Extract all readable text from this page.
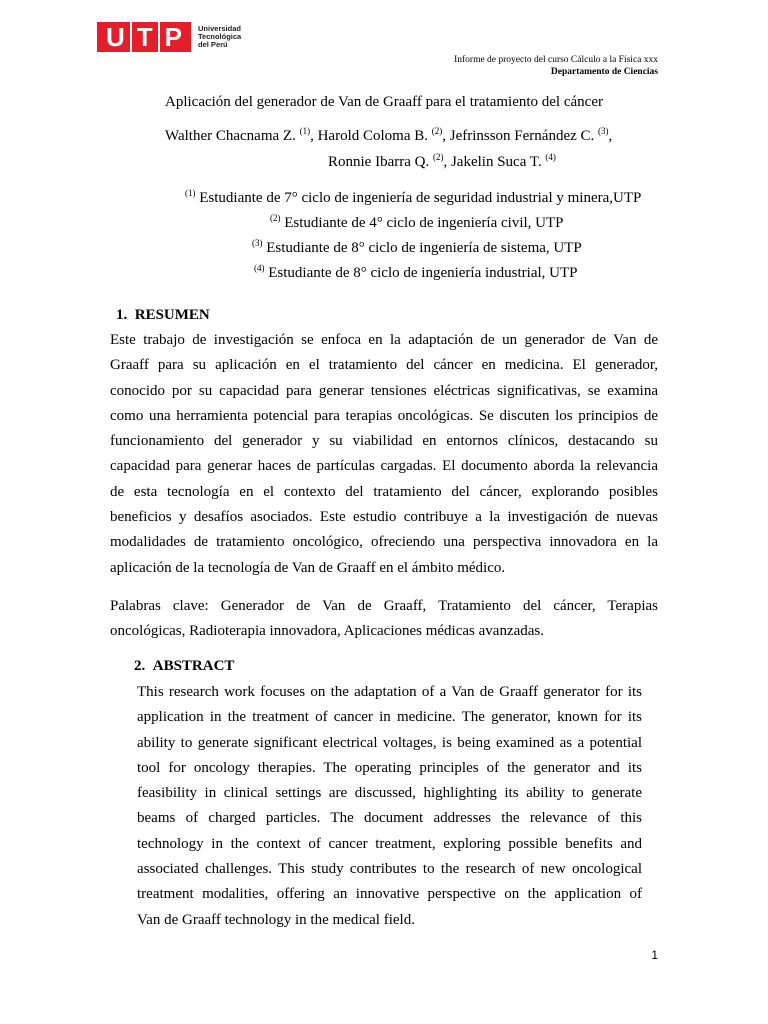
U T P	Universidad
Tecnológica
del Perú
Informe de proyecto del curso Cálculo a la Física xxx
Departamento de Ciencias
Aplicación del generador de Van de Graaff para el tratamiento del cáncer
Walther Chacnama Z. $^{(1)}$, Harold Coloma B. $^{(2)}$, Jefrinsson Fernández C. $^{(3)}$,
Ronnie Ibarra Q. $^{(2)}$, Jakelin Suca T. $^{(4)}$
$^{(1)}$ Estudiante de 7° ciclo de ingeniería de seguridad industrial y minera,UTP
$^{(2)}$ Estudiante de 4° ciclo de ingeniería civil, UTP
$^{(3)}$ Estudiante de 8° ciclo de ingeniería de sistema, UTP
$^{(4)}$ Estudiante de 8° ciclo de ingeniería industrial, UTP
1. RESUMEN
Este trabajo de investigación se enfoca en la adaptación de un generador de Van de
Graaff para su aplicación en el tratamiento del cáncer en medicina. El generador,
conocido por su capacidad para generar tensiones eléctricas significativas, se examina
como una herramienta potencial para terapias oncológicas. Se discuten los principios de
funcionamiento del generador y su viabilidad en entornos clínicos, destacando su
capacidad para generar haces de partículas cargadas. El documento aborda la relevancia
de esta tecnología en el contexto del tratamiento del cáncer, explorando posibles
beneficios y desafíos asociados. Este estudio contribuye a la investigación de nuevas
modalidades de tratamiento oncológico, ofreciendo una perspectiva innovadora en la
aplicación de la tecnología de Van de Graaff en el ámbito médico.
Palabras clave: Generador de Van de Graaff, Tratamiento del cáncer, Terapias
oncológicas, Radioterapia innovadora, Aplicaciones médicas avanzadas.
2. ABSTRACT
This research work focuses on the adaptation of a Van de Graaff generator for its
application in the treatment of cancer in medicine. The generator, known for its
ability to generate significant electrical voltages, is being examined as a potential
tool for oncology therapies. The operating principles of the generator and its
feasibility in clinical settings are discussed, highlighting its ability to generate
beams of charged particles. The document addresses the relevance of this
technology in the context of cancer treatment, exploring possible benefits and
associated challenges. This study contributes to the research of new oncological
treatment modalities, offering an innovative perspective on the application of
Van de Graaff technology in the medical field.
1
